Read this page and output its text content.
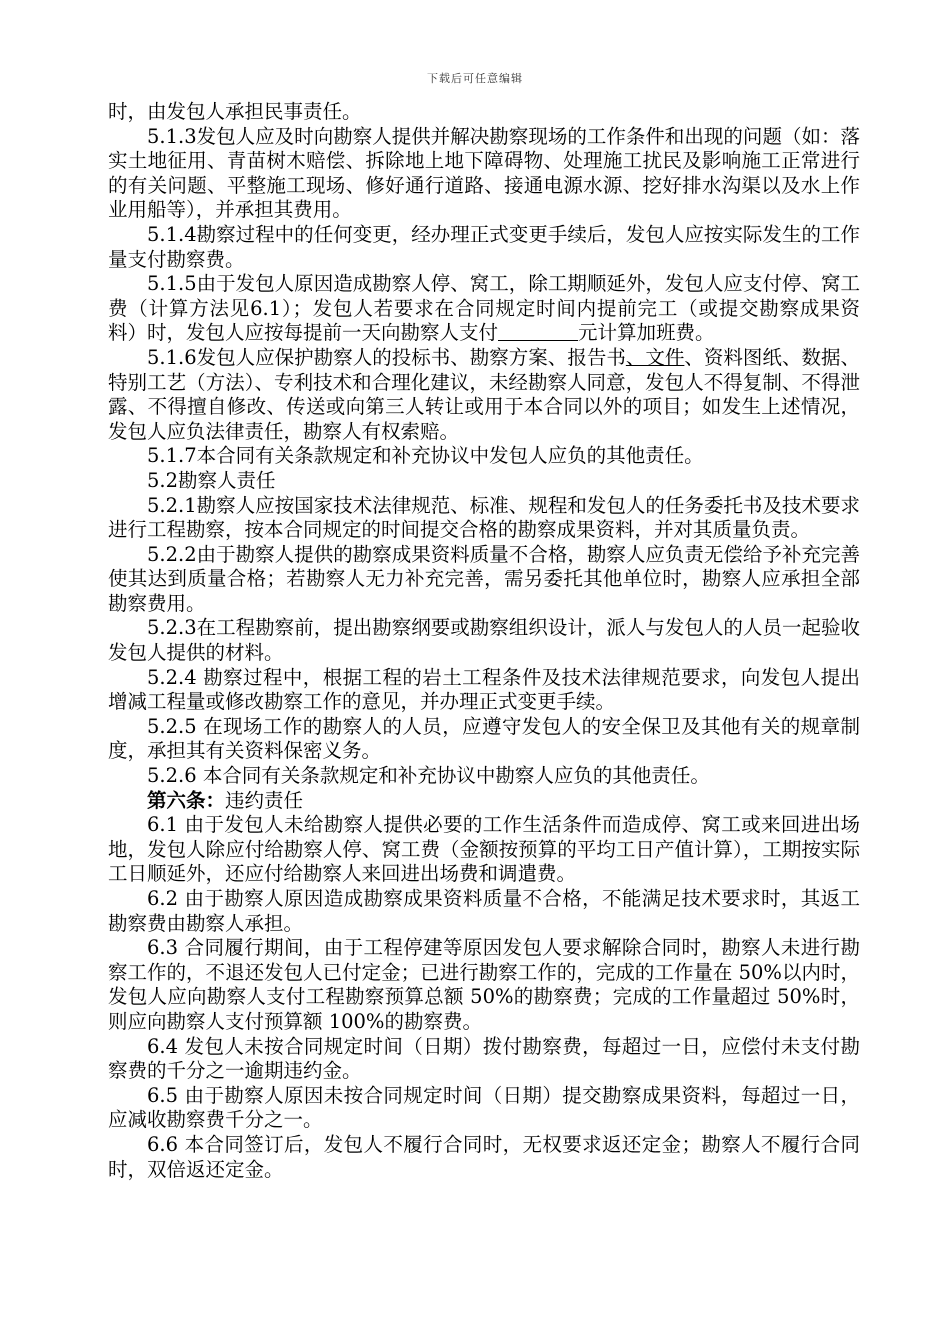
下载后可任意编辑

时，由发包人承担民事责任。

5.1.3发包人应及时向勘察人提供并解决勘察现场的工作条件和出现的问题（如：落实土地征用、青苗树木赔偿、拆除地上地下障碍物、处理施工扰民及影响施工正常进行的有关问题、平整施工现场、修好通行道路、接通电源水源、挖好排水沟渠以及水上作业用船等），并承担其费用。

5.1.4勘察过程中的任何变更，经办理正式变更手续后，发包人应按实际发生的工作量支付勘察费。

5.1.5由于发包人原因造成勘察人停、窝工，除工期顺延外，发包人应支付停、窝工费（计算方法见6.1）；发包人若要求在合同规定时间内提前完工（或提交勘察成果资料）时，发包人应按每提前一天向勘察人支付	元计算加班费。

5.1.6发包人应保护勘察人的投标书、勘察方案、报告书、文件、资料图纸、数据、特别工艺（方法）、专利技术和合理化建议，未经勘察人同意，发包人不得复制、不得泄露、不得擅自修改、传送或向第三人转让或用于本合同以外的项目；如发生上述情况，发包人应负法律责任，勘察人有权索赔。

5.1.7本合同有关条款规定和补充协议中发包人应负的其他责任。

5.2勘察人责任

5.2.1勘察人应按国家技术法律规范、标准、规程和发包人的任务委托书及技术要求进行工程勘察，按本合同规定的时间提交合格的勘察成果资料，并对其质量负责。

5.2.2由于勘察人提供的勘察成果资料质量不合格，勘察人应负责无偿给予补充完善使其达到质量合格；若勘察人无力补充完善，需另委托其他单位时，勘察人应承担全部勘察费用。

5.2.3在工程勘察前，提出勘察纲要或勘察组织设计，派人与发包人的人员一起验收发包人提供的材料。

5.2.4 勘察过程中，根据工程的岩土工程条件及技术法律规范要求，向发包人提出增减工程量或修改勘察工作的意见，并办理正式变更手续。

5.2.5 在现场工作的勘察人的人员，应遵守发包人的安全保卫及其他有关的规章制度，承担其有关资料保密义务。

5.2.6 本合同有关条款规定和补充协议中勘察人应负的其他责任。

第六条：违约责任

6.1 由于发包人未给勘察人提供必要的工作生活条件而造成停、窝工或来回进出场地，发包人除应付给勘察人停、窝工费（金额按预算的平均工日产值计算），工期按实际工日顺延外，还应付给勘察人来回进出场费和调遣费。

6.2 由于勘察人原因造成勘察成果资料质量不合格，不能满足技术要求时，其返工勘察费由勘察人承担。

6.3 合同履行期间，由于工程停建等原因发包人要求解除合同时，勘察人未进行勘察工作的，不退还发包人已付定金；已进行勘察工作的，完成的工作量在 50%以内时，发包人应向勘察人支付工程勘察预算总额 50%的勘察费；完成的工作量超过 50%时，则应向勘察人支付预算额 100%的勘察费。

6.4 发包人未按合同规定时间（日期）拨付勘察费，每超过一日，应偿付未支付勘察费的千分之一逾期违约金。

6.5 由于勘察人原因未按合同规定时间（日期）提交勘察成果资料，每超过一日，应减收勘察费千分之一。

6.6 本合同签订后，发包人不履行合同时，无权要求返还定金；勘察人不履行合同时，双倍返还定金。
